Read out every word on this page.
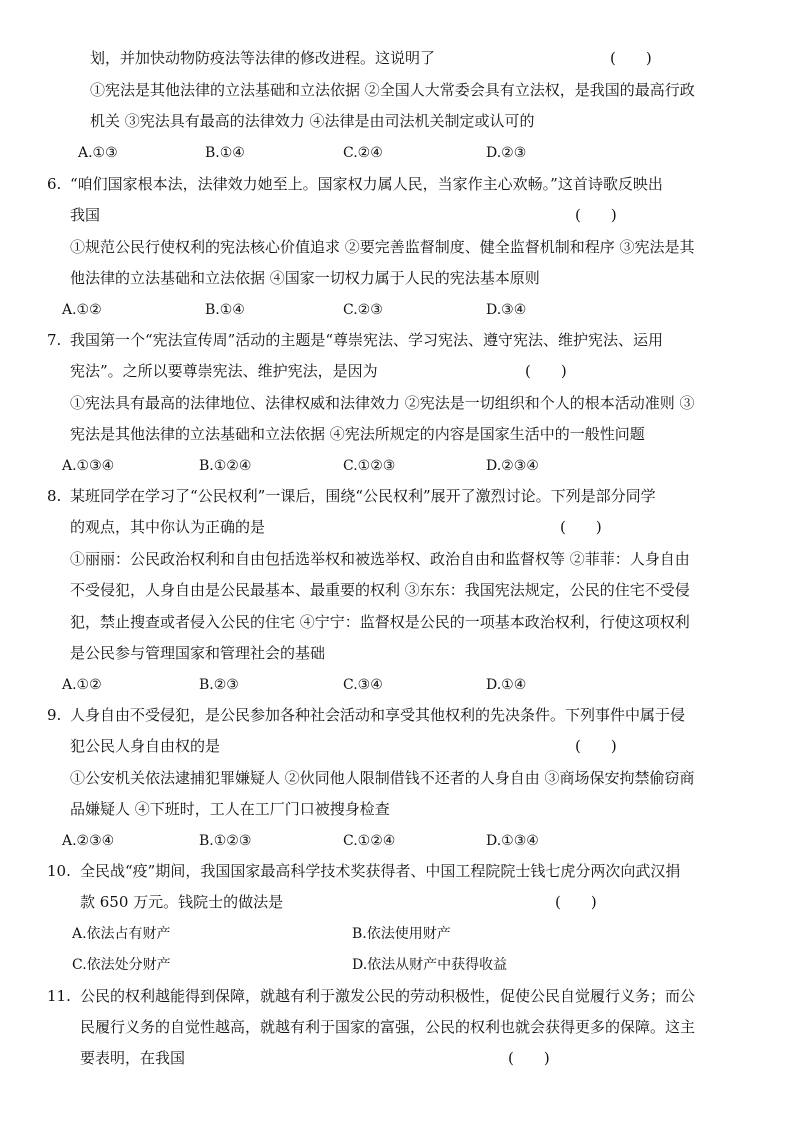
划，并加快动物防疫法等法律的修改进程。这说明了	(　　)
①宪法是其他法律的立法基础和立法依据 ②全国人大常委会具有立法权，是我国的最高行政
机关 ③宪法具有最高的法律效力 ④法律是由司法机关制定或认可的
A.①③	B.①④	C.②④	D.②③
6. “咱们国家根本法，法律效力她至上。国家权力属人民，当家作主心欢畅。”这首诗歌反映出
我国	(　　)
①规范公民行使权利的宪法核心价值追求 ②要完善监督制度、健全监督机制和程序 ③宪法是其
他法律的立法基础和立法依据 ④国家一切权力属于人民的宪法基本原则
A.①②	B.①④	C.②③	D.③④
7. 我国第一个“宪法宣传周”活动的主题是“尊崇宪法、学习宪法、遵守宪法、维护宪法、运用
宪法”。之所以要尊崇宪法、维护宪法，是因为	(　　)
①宪法具有最高的法律地位、法律权威和法律效力 ②宪法是一切组织和个人的根本活动准则 ③
宪法是其他法律的立法基础和立法依据 ④宪法所规定的内容是国家生活中的一般性问题
A.①③④	B.①②④	C.①②③	D.②③④
8. 某班同学在学习了“公民权利”一课后，围绕“公民权利”展开了激烈讨论。下列是部分同学
的观点，其中你认为正确的是	(　　)
①丽丽：公民政治权利和自由包括选举权和被选举权、政治自由和监督权等 ②菲菲：人身自由
不受侵犯，人身自由是公民最基本、最重要的权利 ③东东：我国宪法规定，公民的住宅不受侵
犯，禁止搜查或者侵入公民的住宅 ④宁宁：监督权是公民的一项基本政治权利，行使这项权利
是公民参与管理国家和管理社会的基础
A.①②	B.②③	C.③④	D.①④
9. 人身自由不受侵犯，是公民参加各种社会活动和享受其他权利的先决条件。下列事件中属于侵
犯公民人身自由权的是	(　　)
①公安机关依法逮捕犯罪嫌疑人 ②伙同他人限制借钱不还者的人身自由 ③商场保安拘禁偷窃商
品嫌疑人 ④下班时，工人在工厂门口被搜身检查
A.②③④	B.①②③	C.①②④	D.①③④
10. 全民战“疫”期间，我国国家最高科学技术奖获得者、中国工程院院士钱七虎分两次向武汉捐
款 650 万元。钱院士的做法是	(　　)
A.依法占有财产	B.依法使用财产
C.依法处分财产	D.依法从财产中获得收益
11. 公民的权利越能得到保障，就越有利于激发公民的劳动积极性，促使公民自觉履行义务；而公
民履行义务的自觉性越高，就越有利于国家的富强，公民的权利也就会获得更多的保障。这主
要表明，在我国	(　　)
